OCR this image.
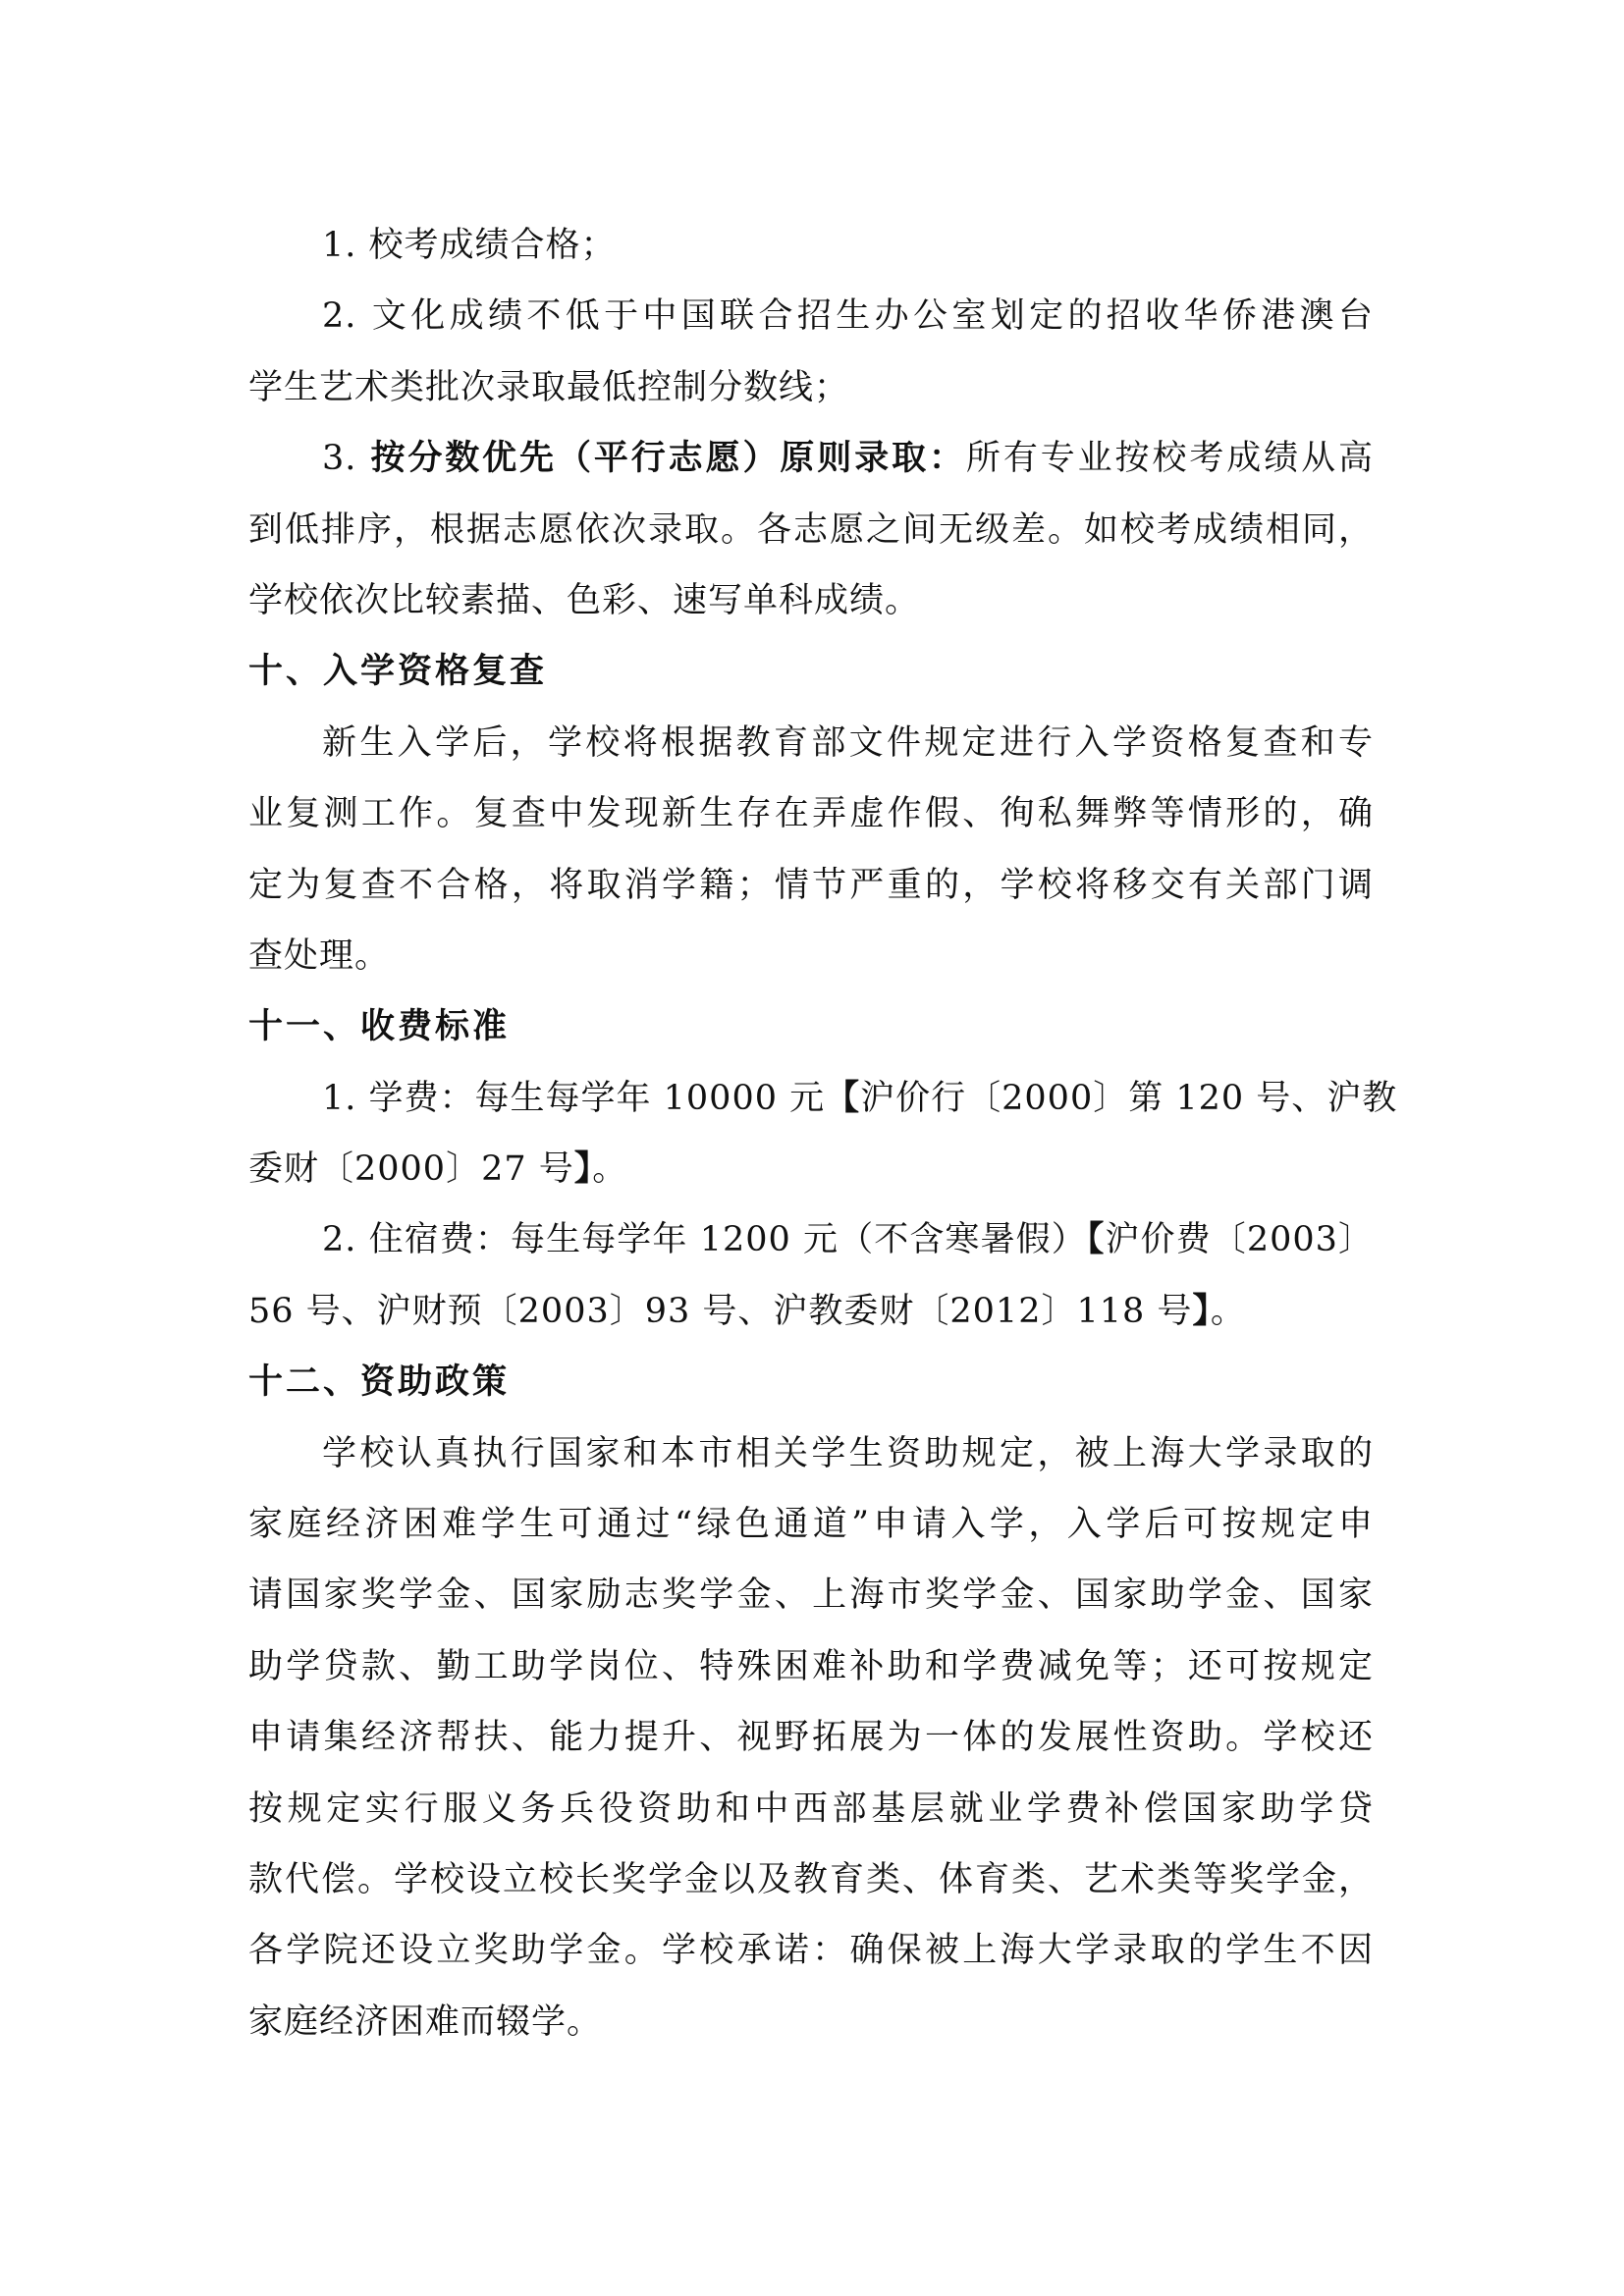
1. 校考成绩合格；
2. 文化成绩不低于中国联合招生办公室划定的招收华侨港澳台
学生艺术类批次录取最低控制分数线；
3. 按分数优先（平行志愿）原则录取：所有专业按校考成绩从高
到低排序，根据志愿依次录取。各志愿之间无级差。如校考成绩相同，
学校依次比较素描、色彩、速写单科成绩。
十、入学资格复查
新生入学后，学校将根据教育部文件规定进行入学资格复查和专
业复测工作。复查中发现新生存在弄虚作假、徇私舞弊等情形的，确
定为复查不合格，将取消学籍；情节严重的，学校将移交有关部门调
查处理。
十一、收费标准
1. 学费：每生每学年 10000 元【沪价行〔2000〕第 120 号、沪教
委财〔2000〕27 号】。
2. 住宿费：每生每学年 1200 元（不含寒暑假）【沪价费〔2003〕
56 号、沪财预〔2003〕93 号、沪教委财〔2012〕118 号】。
十二、资助政策
学校认真执行国家和本市相关学生资助规定，被上海大学录取的
家庭经济困难学生可通过“绿色通道”申请入学，入学后可按规定申
请国家奖学金、国家励志奖学金、上海市奖学金、国家助学金、国家
助学贷款、勤工助学岗位、特殊困难补助和学费减免等；还可按规定
申请集经济帮扶、能力提升、视野拓展为一体的发展性资助。学校还
按规定实行服义务兵役资助和中西部基层就业学费补偿国家助学贷
款代偿。学校设立校长奖学金以及教育类、体育类、艺术类等奖学金，
各学院还设立奖助学金。学校承诺：确保被上海大学录取的学生不因
家庭经济困难而辍学。
